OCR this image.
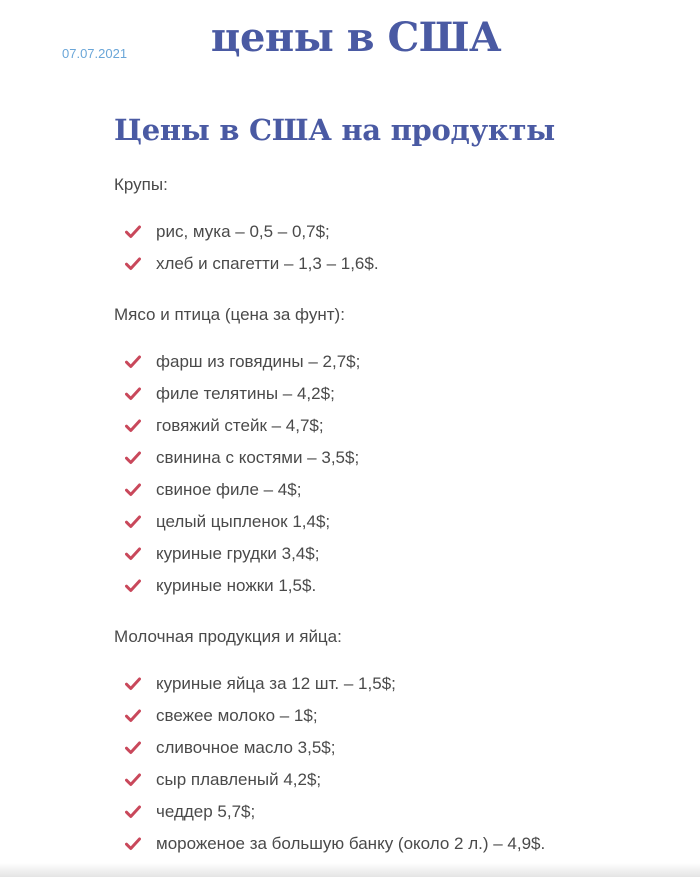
07.07.2021	цены в США
Цены в США на продукты
Крупы:
рис, мука – 0,5 – 0,7$;
хлеб и спагетти – 1,3 – 1,6$.
Мясо и птица (цена за фунт):
фарш из говядины – 2,7$;
филе телятины – 4,2$;
говяжий стейк – 4,7$;
свинина с костями – 3,5$;
свиное филе – 4$;
целый цыпленок 1,4$;
куриные грудки 3,4$;
куриные ножки 1,5$.
Молочная продукция и яйца:
куриные яйца за 12 шт. – 1,5$;
свежее молоко – 1$;
сливочное масло 3,5$;
сыр плавленый 4,2$;
чеддер 5,7$;
мороженое за большую банку (около 2 л.) – 4,9$.
